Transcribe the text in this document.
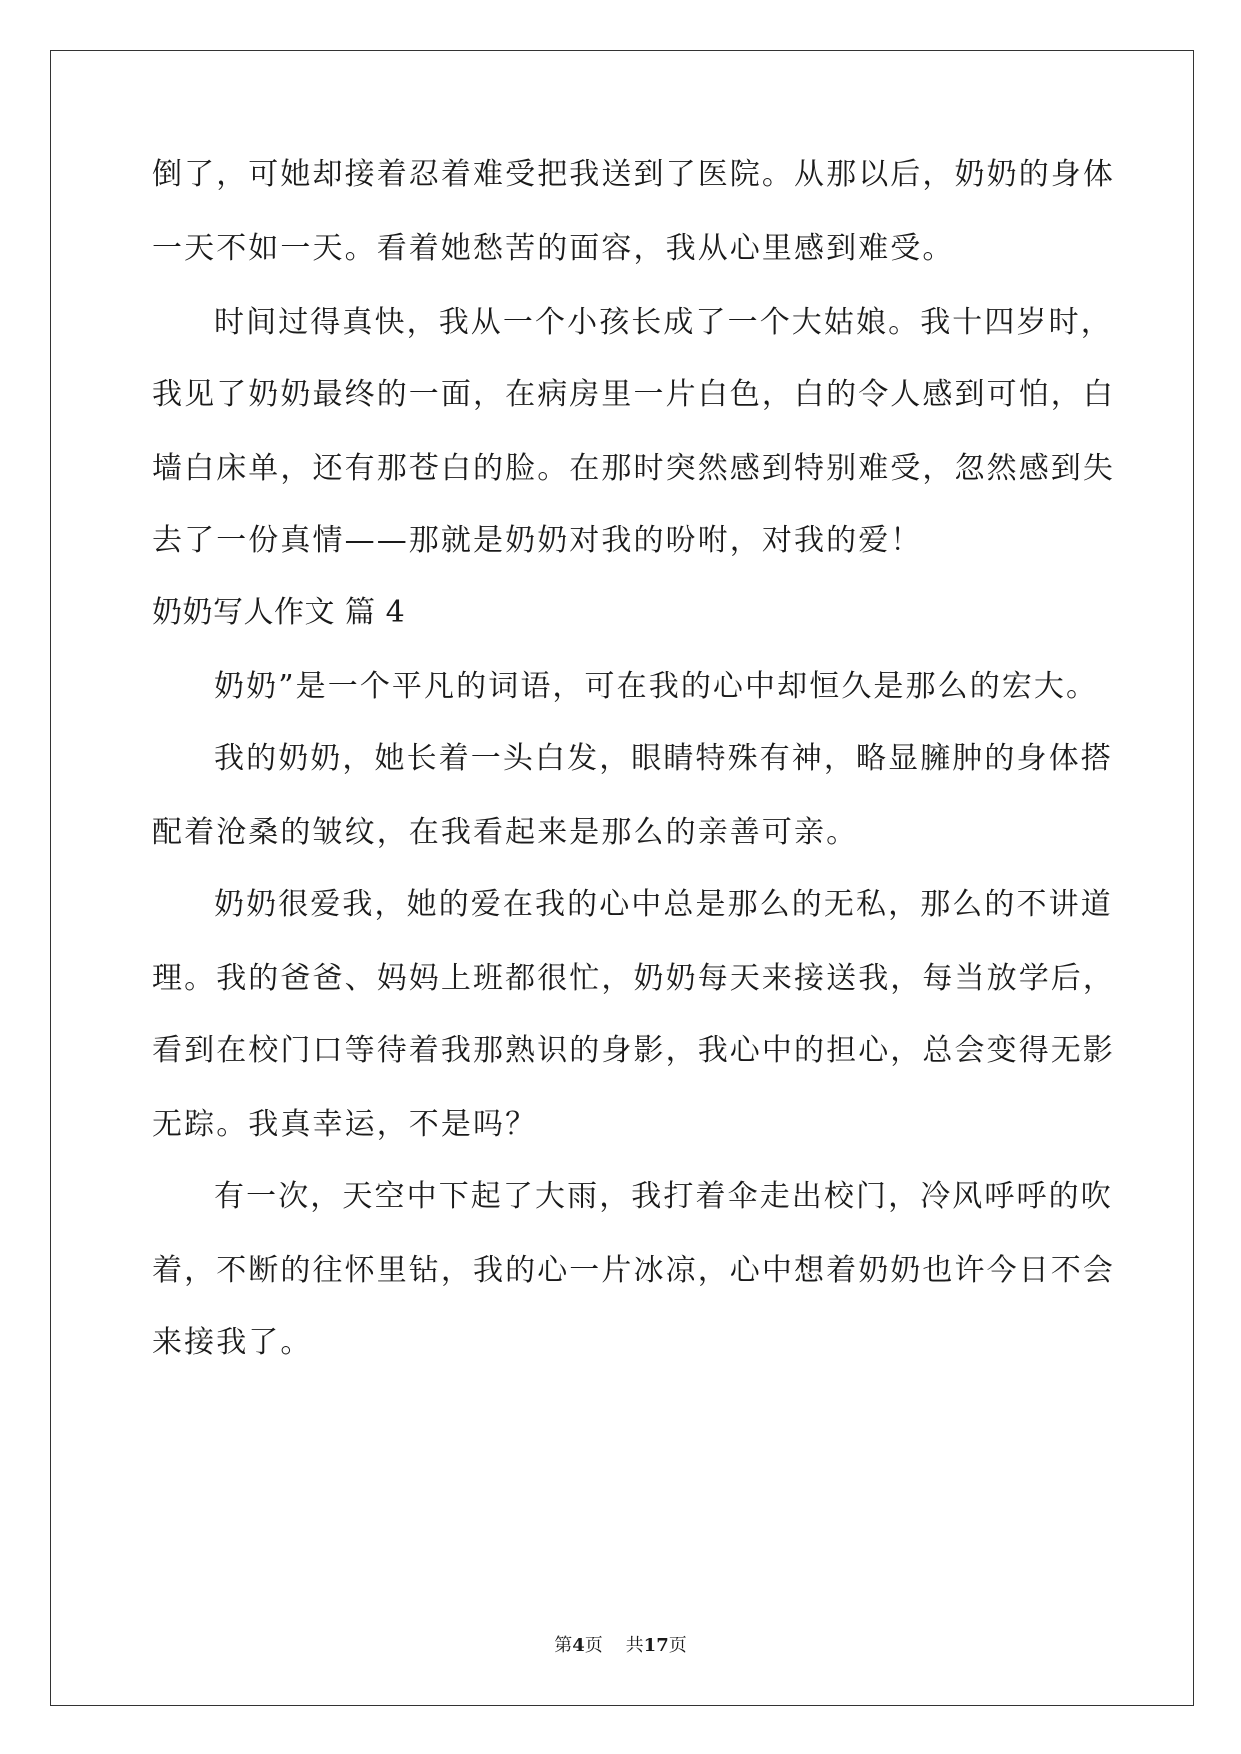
倒了，可她却接着忍着难受把我送到了医院。从那以后，奶奶的身体
一天不如一天。看着她愁苦的面容，我从心里感到难受。
时间过得真快，我从一个小孩长成了一个大姑娘。我十四岁时，
我见了奶奶最终的一面，在病房里一片白色，白的令人感到可怕，白
墙白床单，还有那苍白的脸。在那时突然感到特别难受，忽然感到失
去了一份真情——那就是奶奶对我的吩咐，对我的爱！
奶奶写人作文 篇 4
奶奶”是一个平凡的词语，可在我的心中却恒久是那么的宏大。
我的奶奶，她长着一头白发，眼睛特殊有神，略显臃肿的身体搭
配着沧桑的皱纹，在我看起来是那么的亲善可亲。
奶奶很爱我，她的爱在我的心中总是那么的无私，那么的不讲道
理。我的爸爸、妈妈上班都很忙，奶奶每天来接送我，每当放学后，
看到在校门口等待着我那熟识的身影，我心中的担心，总会变得无影
无踪。我真幸运，不是吗？
有一次，天空中下起了大雨，我打着伞走出校门，冷风呼呼的吹
着，不断的往怀里钻，我的心一片冰凉，心中想着奶奶也许今日不会
来接我了。
第4页 共17页
